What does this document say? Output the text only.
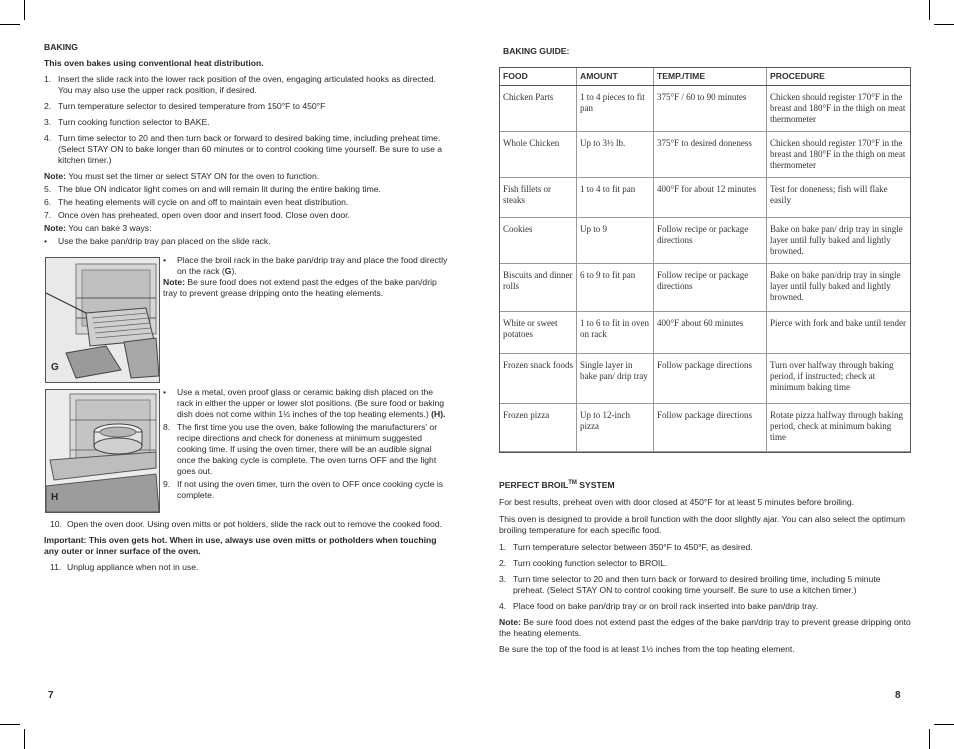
BAKING
This oven bakes using conventional heat distribution.
1. Insert the slide rack into the lower rack position of the oven, engaging articulated hooks as directed. You may also use the upper rack position, if desired.
2. Turn temperature selector to desired temperature from 150°F to 450°F
3. Turn cooking function selector to BAKE.
4. Turn time selector to 20 and then turn back or forward to desired baking time, including preheat time. (Select STAY ON to bake longer than 60 minutes or to control cooking time yourself. Be sure to use a kitchen timer.)
Note: You must set the timer or select STAY ON for the oven to function.
5. The blue ON indicator light comes on and will remain lit during the entire baking time.
6. The heating elements will cycle on and off to maintain even heat distribution.
7. Once oven has preheated, open oven door and insert food. Close oven door.
Note: You can bake 3 ways:
• Use the bake pan/drip tray pan placed on the slide rack.
G
• Place the broil rack in the bake pan/drip tray and place the food directly on the rack (G).
Note: Be sure food does not extend past the edges of the bake pan/drip tray to prevent grease dripping onto the heating elements.
H
• Use a metal, oven proof glass or ceramic baking dish placed on the rack in either the upper or lower slot positions. (Be sure food or baking dish does not come within 1½ inches of the top heating elements.) (H).
8. The first time you use the oven, bake following the manufacturers' or recipe directions and check for doneness at minimum suggested cooking time. If using the oven timer, there will be an audible signal once the baking cycle is complete. The oven turns OFF and the light goes out.
9. If not using the oven timer, turn the oven to OFF once cooking cycle is complete.
10. Open the oven door. Using oven mitts or pot holders, slide the rack out to remove the cooked food.
Important: This oven gets hot. When in use, always use oven mitts or potholders when touching any outer or inner surface of the oven.
11. Unplug appliance when not in use.
7
BAKING GUIDE:
FOOD	AMOUNT	TEMP./TIME	PROCEDURE
Chicken Parts	1 to 4 pieces to fit pan	375°F / 60 to 90 minutes	Chicken should register 170°F in the breast and 180°F in the thigh on meat thermometer
Whole Chicken	Up to 3½ lb.	375°F to desired doneness	Chicken should register 170°F in the breast and 180°F in the thigh on meat thermometer
Fish fillets or steaks	1 to 4 to fit pan	400°F for about 12 minutes	Test for doneness; fish will flake easily
Cookies	Up to 9	Follow recipe or package directions	Bake on bake pan/ drip tray in single layer until fully baked and lightly browned.
Biscuits and dinner rolls	6 to 9 to fit pan	Follow recipe or package directions	Bake on bake pan/drip tray in single layer until fully baked and lightly browned.
White or sweet potatoes	1 to 6 to fit in oven on rack	400°F about 60 minutes	Pierce with fork and bake until tender
Frozen snack foods	Single layer in bake pan/ drip tray	Follow package directions	Turn over halfway through baking period, if instructed; check at minimum baking time
Frozen pizza	Up to 12-inch pizza	Follow package directions	Rotate pizza halfway through baking period, check at minimum baking time
PERFECT BROIL™ SYSTEM
For best results, preheat oven with door closed at 450°F for at least 5 minutes before broiling.
This oven is designed to provide a broil function with the door slightly ajar. You can also select the optimum broiling temperature for each specific food.
1. Turn temperature selector between 350°F to 450°F, as desired.
2. Turn cooking function selector to BROIL.
3. Turn time selector to 20 and then turn back or forward to desired broiling time, including 5 minute preheat. (Select STAY ON to control cooking time yourself. Be sure to use a kitchen timer.)
4. Place food on bake pan/drip tray or on broil rack inserted into bake pan/drip tray.
Note: Be sure food does not extend past the edges of the bake pan/drip tray to prevent grease dripping onto the heating elements.
Be sure the top of the food is at least 1½ inches from the top heating element.
8
